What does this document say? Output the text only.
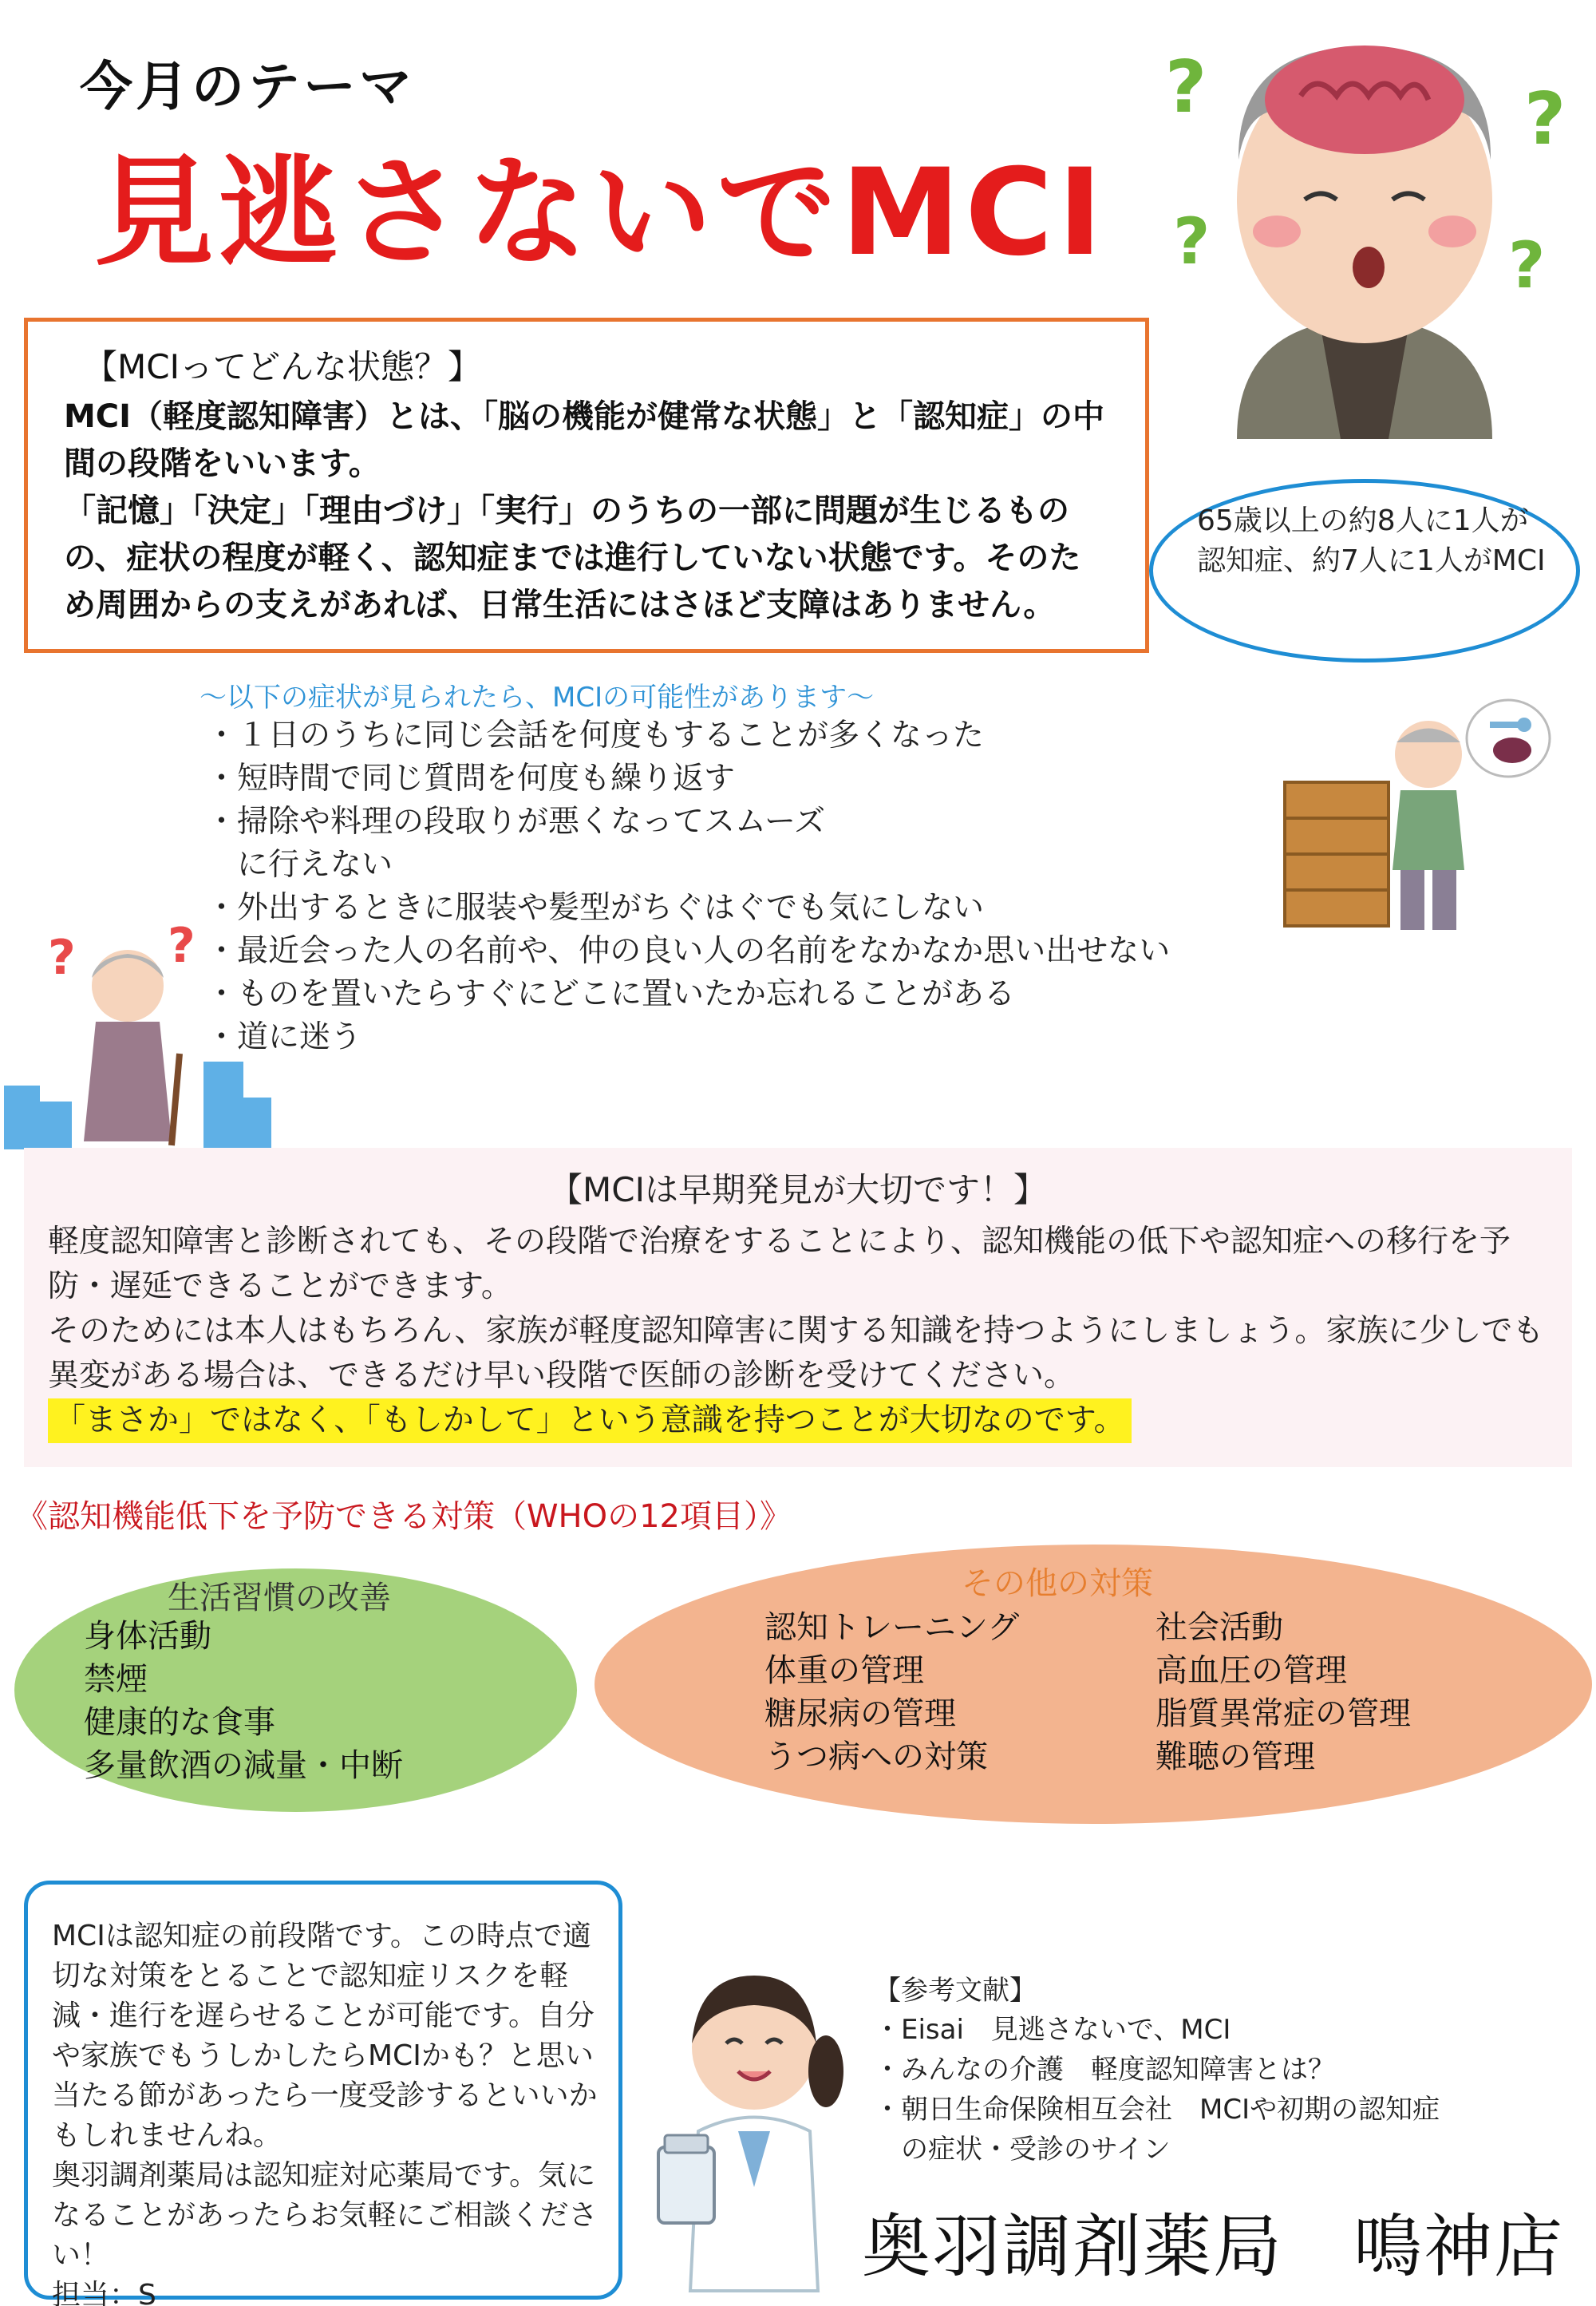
今月のテーマ
見逃さないでMCI
?	?
?	?
【MCIってどんな状態？】

MCI（軽度認知障害）とは、「脳の機能が健常な状態」と「認知症」の中間の段階をいいます。

「記憶」「決定」「理由づけ」「実行」のうちの一部に問題が生じるものの、症状の程度が軽く、認知症までは進行していない状態です。そのため周囲からの支えがあれば、日常生活にはさほど支障はありません。

65歳以上の約8人に1人が認知症、約7人に1人がMCI
～以下の症状が見られたら、MCIの可能性があります～
・１日のうちに同じ会話を何度もすることが多くなった
・短時間で同じ質問を何度も繰り返す
・掃除や料理の段取りが悪くなってスムーズ
　に行えない
・外出するときに服装や髪型がちぐはぐでも気にしない
・最近会った人の名前や、仲の良い人の名前をなかなか思い出せない
・ものを置いたらすぐにどこに置いたか忘れることがある
・道に迷う
? ?
【MCIは早期発見が大切です！】

軽度認知障害と診断されても、その段階で治療をすることにより、認知機能の低下や認知症への移行を予防・遅延できることができます。

そのためには本人はもちろん、家族が軽度認知障害に関する知識を持つようにしましょう。家族に少しでも異変がある場合は、できるだけ早い段階で医師の診断を受けてください。

「まさか」ではなく、「もしかして」という意識を持つことが大切なのです。

《認知機能低下を予防できる対策（WHOの12項目）》
生活習慣の改善
身体活動
禁煙
健康的な食事
多量飲酒の減量・中断
その他の対策
認知トレーニング
体重の管理
糖尿病の管理
うつ病への対策
社会活動
高血圧の管理
脂質異常症の管理
難聴の管理

MCIは認知症の前段階です。この時点で適切な対策をとることで認知症リスクを軽減・進行を遅らせることが可能です。自分や家族でもうしかしたらMCIかも？と思い当たる節があったら一度受診するといいかもしれませんね。

奥羽調剤薬局は認知症対応薬局です。気になることがあったらお気軽にご相談ください！

担当：S

【参考文献】
・Eisai　見逃さないで、MCI
・みんなの介護　軽度認知障害とは？
・朝日生命保険相互会社　MCIや初期の認知症
　の症状・受診のサイン
奥羽調剤薬局　鳴神店
